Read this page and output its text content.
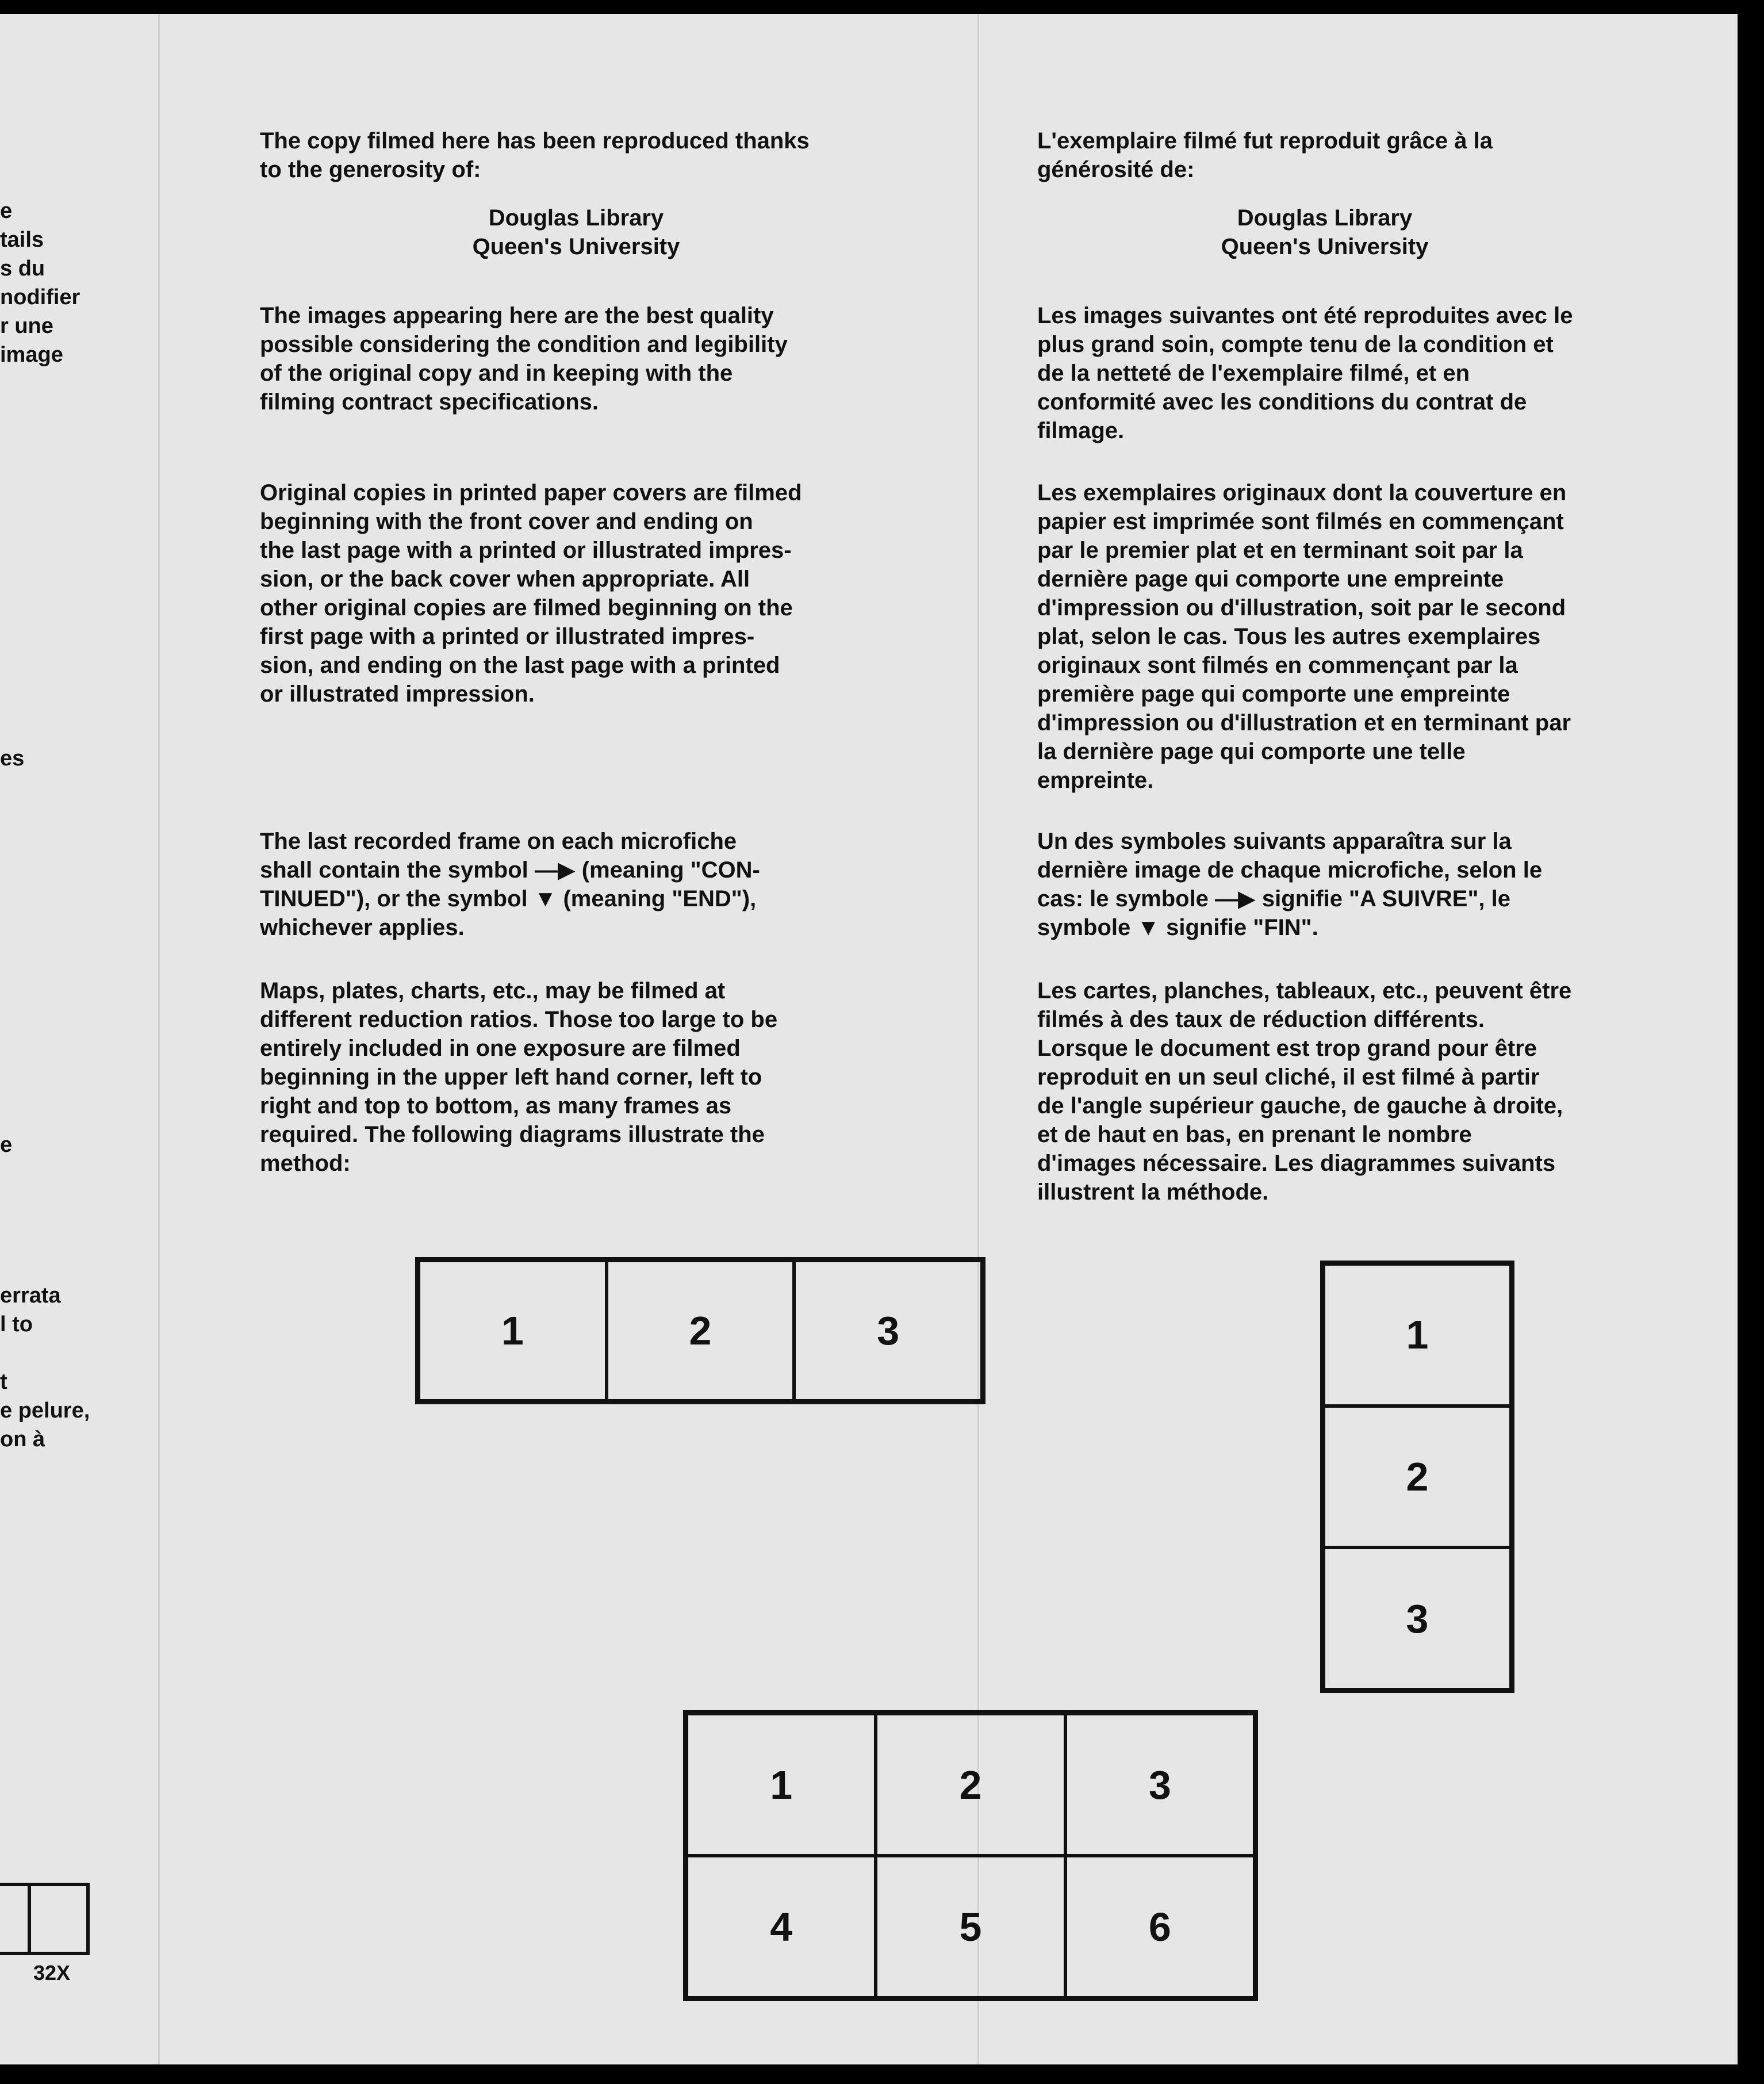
e
tails
s du
nodifier
r une
image
es
e
errata
l to
t
e pelure,
on à
32X

The copy filmed here has been reproduced thanks
to the generosity of:

Douglas Library

Queen's University

The images appearing here are the best quality
possible considering the condition and legibility
of the original copy and in keeping with the
filming contract specifications.

Original copies in printed paper covers are filmed
beginning with the front cover and ending on
the last page with a printed or illustrated impres-
sion, or the back cover when appropriate. All
other original copies are filmed beginning on the
first page with a printed or illustrated impres-
sion, and ending on the last page with a printed
or illustrated impression.

The last recorded frame on each microfiche
shall contain the symbol ―▶ (meaning "CON-
TINUED"), or the symbol ▼ (meaning "END"),
whichever applies.

Maps, plates, charts, etc., may be filmed at
different reduction ratios. Those too large to be
entirely included in one exposure are filmed
beginning in the upper left hand corner, left to
right and top to bottom, as many frames as
required. The following diagrams illustrate the
method:

L'exemplaire filmé fut reproduit grâce à la
générosité de:

Douglas Library

Queen's University

Les images suivantes ont été reproduites avec le
plus grand soin, compte tenu de la condition et
de la netteté de l'exemplaire filmé, et en
conformité avec les conditions du contrat de
filmage.

Les exemplaires originaux dont la couverture en
papier est imprimée sont filmés en commençant
par le premier plat et en terminant soit par la
dernière page qui comporte une empreinte
d'impression ou d'illustration, soit par le second
plat, selon le cas. Tous les autres exemplaires
originaux sont filmés en commençant par la
première page qui comporte une empreinte
d'impression ou d'illustration et en terminant par
la dernière page qui comporte une telle
empreinte.

Un des symboles suivants apparaîtra sur la
dernière image de chaque microfiche, selon le
cas: le symbole ―▶ signifie "A SUIVRE", le
symbole ▼ signifie "FIN".

Les cartes, planches, tableaux, etc., peuvent être
filmés à des taux de réduction différents.
Lorsque le document est trop grand pour être
reproduit en un seul cliché, il est filmé à partir
de l'angle supérieur gauche, de gauche à droite,
et de haut en bas, en prenant le nombre
d'images nécessaire. Les diagrammes suivants
illustrent la méthode.

1	2	3	1
2
3
1	2	3
4	5	6
